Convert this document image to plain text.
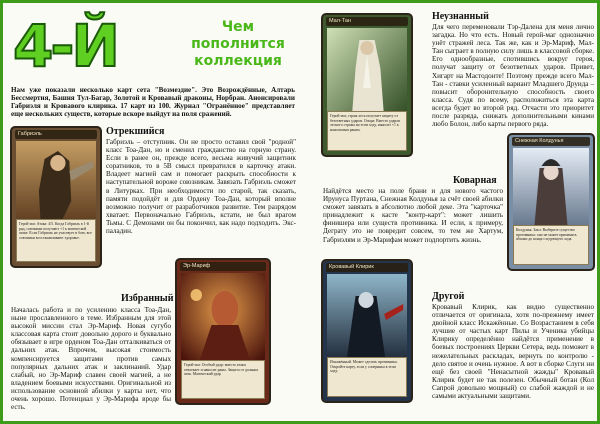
4-Й	Чем
пополнится
коллекция

Нам уже показали несколько карт сета "Возмездие". Это Возрождённые, Алтарь Бессмертия, Башня Тул-Багар, Золотой и Кровавый драконы, Норбран. Анонсировали Габриэля и Кровавого клирика. 17 карт из 100. Журнал "Огранённое" представляет еще нескольких существ, которые вскоре выйдут на поля сражений.

Габриэль
Герой-маг. Атака: 4/5. Когда Габриэль в 1-й ряд, союзники получают +1 к магической атаке. Если Габриэль не участвует в бою, все союзники восстанавливают здоровье.
Отрекшийся

Габриэль – отступник. Он не просто оставил свой "родной" класс Тоа-Дан, но и сменил гражданство на горную страну. Если в ранее он, прежде всего, весьма живучий защитник соратников, то в 5В смысл превратился в карточку атаки. Владеет магией сам и помогает раскрыть способности к наступательной вороже союзникам. Завязать Габриэль сможет в Литурках. При необходимости по старой, так сказать, памяти подойдёт и для Ордену Тоа-Дан, который вполне возможно получит от разработчиков развитие. Тем разрядом хватает. Первоначально Габриэль, кстати, не был врагом Тьмы. С Демонами он бы покончил, как надо подходить. Экс-паладин.

Избранный

Началась работа и по усилению класса Тоа-Дан, ныне прославленного в теме. Избранным для этой высокой миссии стал Эр-Мариф. Новая сугубо классовая карта стоит довольно дорого и буквально обязывает в игре орденом Тоа-Дан отталкиваться от дальних атак. Впрочем, высокая стоимость компенсируется защитами против самых популярных дальних атак и заклинаний. Удар слабый, но Эр-Мариф славен своей магией, а не владением боевыми искусствами. Оригинальной из использование основной абилки у карты нет, что очень хорошо. Потенциал у Эр-Марифа вроде бы есть.

Эр-Мариф
Герой-маг. Особый удар: вместо атаки отвлекает и наносит раны. Защита от дальних атак. Магический удар
Мал-Тан
Герой-маг, страж леса получает защиту от безответных ударов. Опора: Вместо ударов лесного стража на этом ходу, наносит +1 к наносимым ранам.
Неузнанный

Для чего переменовали Тэр-Далена для меня лично загадка. Но что есть. Новый герой-маг однозначно унёт стражей леса. Так же, как и Эр-Мариф, Мал-Тан сыграет в полную силу лишь в классовой сборке. Его однообразные, спотившись вокруг героя, получат защиту от безответных ударов. Привет, Хигарт на Мастодонте! Поэтому прежде всего Мал-Тан - ставки усиленный вариант Младшего Друида – повысит оборонительную способность своего класса. Судя по всему, расположиться эта карта всегда будет во второй ряд. Отчасти это приоритет после разряда, снижать дополнительными кинами любо Болон, либо карты первого ряда.

Снежная Колдунья
Колдунья. Закл: Выберите существо противника: оно не может применять абилки до конца следующего хода.
Коварная

Найдётся место на поле брани и для нового частого Ирунуса Пуртана, Снежная Колдунья за счёт своей абилки сможет завязать в абсолютно любой деке. Эта "карточка" принадлежит к касте "контр-карт": может лишить финишера или существ противника. И если, к примеру, Деграту это не повредит совсем, то тем же Хартум, Габриэлям и Эр-Марифам может подпортить жизнь.

Кровавый Клирик
Искажённый. Может сделать противника. Откройте карту, если у соперника в этом ходу.
Другой

Кровавый Клирик, как видно существенно отличается от оригинала, хотя по-прежнему имеет двойной класс Искажённые. Со Возрастанием в себя лучшие от частых карт Пилы и Ученика убийцы Клирику определённо найдётся применение в боевых построениях Церкви Сетера, ведь поможет в нежелательных раскладах, вернуть по контролю - дело святое и очень нужное. А вот в сборке Слуги ни ещё без своей "Ненасытной жажды" Кровавый Клирик будет не так полезен. Обычный ботан (Кол Сапрой довольно мощный) со слабой жаждой и не самыми актуальными защитами.
